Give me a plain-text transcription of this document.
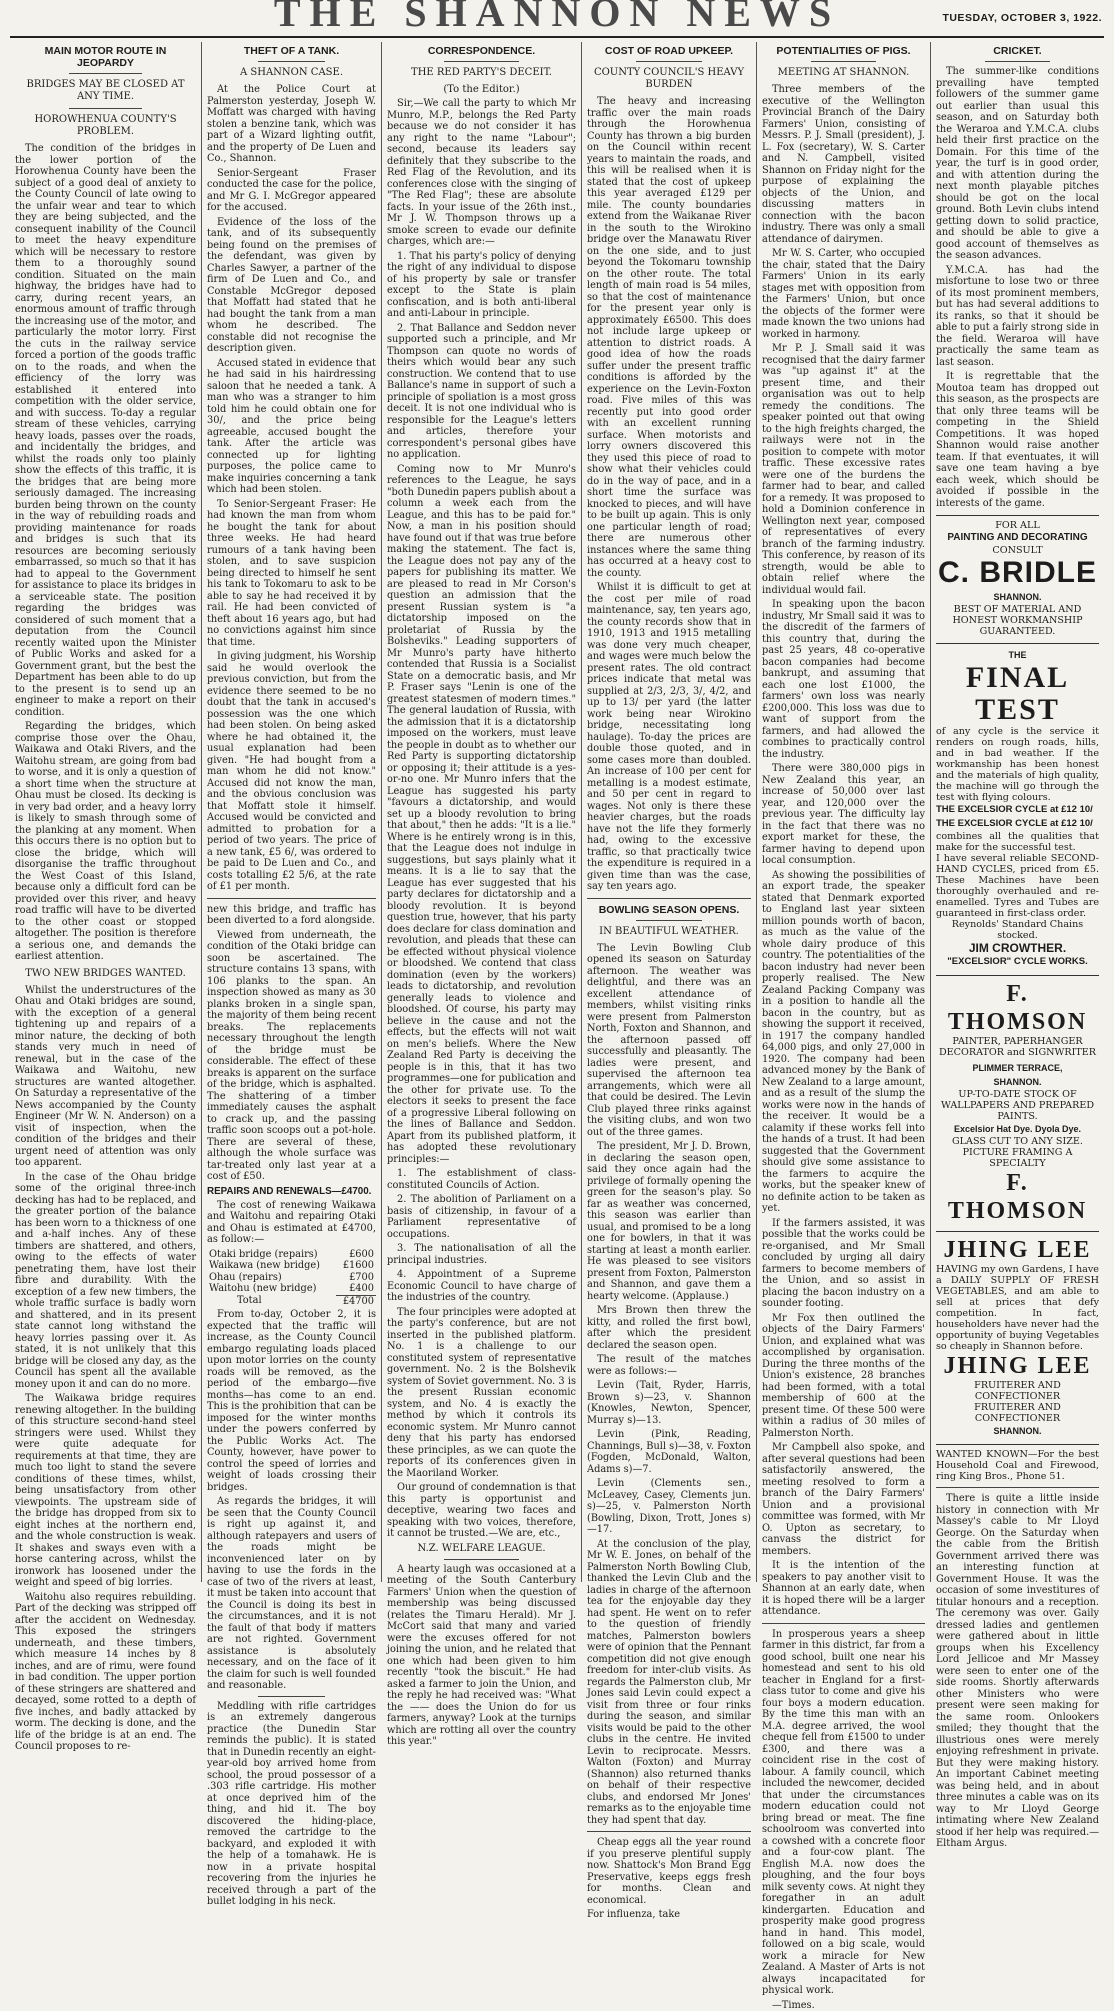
THE SHANNON NEWS	TUESDAY, OCTOBER 3, 1922.
MAIN MOTOR ROUTE IN JEOPARDY
BRIDGES MAY BE CLOSED AT ANY TIME.
HOROWHENUA COUNTY'S PROBLEM.

The condition of the bridges in the lower portion of the Horowhenua County have been the subject of a good deal of anxiety to the County Council of late owing to the unfair wear and tear to which they are being subjected, and the consequent inability of the Council to meet the heavy expenditure which will be necessary to restore them to a thoroughly sound condition. Situated on the main highway, the bridges have had to carry, during recent years, an enormous amount of traffic through the increasing use of the motor, and particularly the motor lorry. First the cuts in the railway service forced a portion of the goods traffic on to the roads, and when the efficiency of the lorry was established it entered into competition with the older service, and with success. To-day a regular stream of these vehicles, carrying heavy loads, passes over the roads, and incidentally the bridges, and whilst the roads only too plainly show the effects of this traffic, it is the bridges that are being more seriously damaged. The increasing burden being thrown on the county in the way of rebuilding roads and providing maintenance for roads and bridges is such that its resources are becoming seriously embarrassed, so much so that it has had to appeal to the Government for assistance to place its bridges in a serviceable state. The position regarding the bridges was considered of such moment that a deputation from the Council recently waited upon the Minister of Public Works and asked for a Government grant, but the best the Department has been able to do up to the present is to send up an engineer to make a report on their condition.

Regarding the bridges, which comprise those over the Ohau, Waikawa and Otaki Rivers, and the Waitohu stream, are going from bad to worse, and it is only a question of a short time when the structure at Ohau must be closed. Its decking is in very bad order, and a heavy lorry is likely to smash through some of the planking at any moment. When this occurs there is no option but to close the bridge, which will disorganise the traffic throughout the West Coast of this Island, because only a difficult ford can be provided over this river, and heavy road traffic will have to be diverted to the other coast or stopped altogether. The position is therefore a serious one, and demands the earliest attention.

TWO NEW BRIDGES WANTED.

Whilst the understructures of the Ohau and Otaki bridges are sound, with the exception of a general tightening up and repairs of a minor nature, the decking of both stands very much in need of renewal, but in the case of the Waikawa and Waitohu, new structures are wanted altogether. On Saturday a representative of the News accompanied by the County Engineer (Mr W. N. Anderson) on a visit of inspection, when the condition of the bridges and their urgent need of attention was only too apparent.

In the case of the Ohau bridge some of the original three-inch decking has had to be replaced, and the greater portion of the balance has been worn to a thickness of one and a-half inches. Any of these timbers are shattered, and others, owing to the effects of water penetrating them, have lost their fibre and durability. With the exception of a few new timbers, the whole traffic surface is badly worn and shattered, and in its present state cannot long withstand the heavy lorries passing over it. As stated, it is not unlikely that this bridge will be closed any day, as the Council has spent all the available money upon it and can do no more.

The Waikawa bridge requires renewing altogether. In the building of this structure second-hand steel stringers were used. Whilst they were quite adequate for requirements at that time, they are much too light to stand the severe conditions of these times, whilst, being unsatisfactory from other viewpoints. The upstream side of the bridge has dropped from six to eight inches at the northern end, and the whole construction is weak. It shakes and sways even with a horse cantering across, whilst the ironwork has loosened under the weight and speed of big lorries.

Waitohu also requires rebuilding. Part of the decking was stripped off after the accident on Wednesday. This exposed the stringers underneath, and these timbers, which measure 14 inches by 8 inches, and are of rimu, were found in bad condition. The upper portion of these stringers are shattered and decayed, some rotted to a depth of five inches, and badly attacked by worm. The decking is done, and the life of the bridge is at an end. The Council proposes to re-

THEFT OF A TANK.
A SHANNON CASE.

At the Police Court at Palmerston yesterday, Joseph W. Moffatt was charged with having stolen a benzine tank, which was part of a Wizard lighting outfit, and the property of De Luen and Co., Shannon.

Senior-Sergeant Fraser conducted the case for the police, and Mr G. I. McGregor appeared for the accused.

Evidence of the loss of the tank, and of its subsequently being found on the premises of the defendant, was given by Charles Sawyer, a partner of the firm of De Luen and Co., and Constable McGregor deposed that Moffatt had stated that he had bought the tank from a man whom he described. The constable did not recognise the description given.

Accused stated in evidence that he had said in his hairdressing saloon that he needed a tank. A man who was a stranger to him told him he could obtain one for 30/, and the price being agreeable, accused bought the tank. After the article was connected up for lighting purposes, the police came to make inquiries concerning a tank which had been stolen.

To Senior-Sergeant Fraser: He had known the man from whom he bought the tank for about three weeks. He had heard rumours of a tank having been stolen, and to save suspicion being directed to himself he sent his tank to Tokomaru to ask to be able to say he had received it by rail. He had been convicted of theft about 16 years ago, but had no convictions against him since that time.

In giving judgment, his Worship said he would overlook the previous conviction, but from the evidence there seemed to be no doubt that the tank in accused's possession was the one which had been stolen. On being asked where he had obtained it, the usual explanation had been given. "He had bought from a man whom he did not know." Accused did not know the man, and the obvious conclusion was that Moffatt stole it himself. Accused would be convicted and admitted to probation for a period of two years. The price of a new tank, £5 6/, was ordered to be paid to De Luen and Co., and costs totalling £2 5/6, at the rate of £1 per month.

new this bridge, and traffic has been diverted to a ford alongside.

Viewed from underneath, the condition of the Otaki bridge can soon be ascertained. The structure contains 13 spans, with 106 planks to the span. An inspection showed as many as 30 planks broken in a single span, the majority of them being recent breaks. The replacements necessary throughout the length of the bridge must be considerable. The effect of these breaks is apparent on the surface of the bridge, which is asphalted. The shattering of a timber immediately causes the asphalt to crack up, and the passing traffic soon scoops out a pot-hole. There are several of these, although the whole surface was tar-treated only last year at a cost of £50.

REPAIRS AND RENEWALS—£4700.

The cost of renewing Waikawa and Waitohu and repairing Otaki and Ohau is estimated at £4700, as follow:—

Otaki bridge (repairs)	£600
Waikawa (new bridge)	£1600
Ohau (repairs)	£700
Waitohu (new bridge)	£400
Total	£4700

From to-day, October 2, it is expected that the traffic will increase, as the County Council embargo regulating loads placed upon motor lorries on the county roads will be removed, as the period of the embargo—five months—has come to an end. This is the prohibition that can be imposed for the winter months under the powers conferred by the Public Works Act. The County, however, have power to control the speed of lorries and weight of loads crossing their bridges.

As regards the bridges, it will be seen that the County Council is right up against it, and although ratepayers and users of the roads might be inconvenienced later on by having to use the fords in the case of two of the rivers at least, it must be taken into account that the Council is doing its best in the circumstances, and it is not the fault of that body if matters are not righted. Government assistance is absolutely necessary, and on the face of it the claim for such is well founded and reasonable.

Meddling with rifle cartridges is an extremely dangerous practice (the Dunedin Star reminds the public). It is stated that in Dunedin recently an eight-year-old boy arrived home from school, the proud possessor of a .303 rifle cartridge. His mother at once deprived him of the thing, and hid it. The boy discovered the hiding-place, removed the cartridge to the backyard, and exploded it with the help of a tomahawk. He is now in a private hospital recovering from the injuries he received through a part of the bullet lodging in his neck.

CORRESPONDENCE.
THE RED PARTY'S DECEIT.
(To the Editor.)

Sir,—We call the party to which Mr Munro, M.P., belongs the Red Party because we do not consider it has any right to the name "Labour"; second, because its leaders say definitely that they subscribe to the Red Flag of the Revolution, and its conferences close with the singing of "The Red Flag"; these are absolute facts. In your issue of the 26th inst., Mr J. W. Thompson throws up a smoke screen to evade our definite charges, which are:—

1. That his party's policy of denying the right of any individual to dispose of his property by sale or transfer except to the State is plain confiscation, and is both anti-liberal and anti-Labour in principle.

2. That Ballance and Seddon never supported such a principle, and Mr Thompson can quote no words of theirs which would bear any such construction. We contend that to use Ballance's name in support of such a principle of spoliation is a most gross deceit. It is not one individual who is responsible for the League's letters and articles, therefore your correspondent's personal gibes have no application.

Coming now to Mr Munro's references to the League, he says "both Dunedin papers publish about a column a week each from the League, and this has to be paid for." Now, a man in his position should have found out if that was true before making the statement. The fact is, the League does not pay any of the papers for publishing its matter. We are pleased to read in Mr Corson's question an admission that the present Russian system is "a dictatorship imposed on the proletariat of Russia by the Bolsheviks." Leading supporters of Mr Munro's party have hitherto contended that Russia is a Socialist State on a democratic basis, and Mr P. Fraser says "Lenin is one of the greatest statesmen of modern times." The general laudation of Russia, with the admission that it is a dictatorship imposed on the workers, must leave the people in doubt as to whether our Red Party is supporting dictatorship or opposing it; their attitude is a yes-or-no one. Mr Munro infers that the League has suggested his party "favours a dictatorship, and would set up a bloody revolution to bring that about," then he adds: "It is a lie." Where is he entirely wrong is in this, that the League does not indulge in suggestions, but says plainly what it means. It is a lie to say that the League has ever suggested that his party declares for dictatorship and a bloody revolution. It is beyond question true, however, that his party does declare for class domination and revolution, and pleads that these can be effected without physical violence or bloodshed. We contend that class domination (even by the workers) leads to dictatorship, and revolution generally leads to violence and bloodshed. Of course, his party may believe in the cause and not the effects, but the effects will not wait on men's beliefs. Where the New Zealand Red Party is deceiving the people is in this, that it has two programmes—one for publication and the other for private use. To the electors it seeks to present the face of a progressive Liberal following on the lines of Ballance and Seddon. Apart from its published platform, it has adopted these revolutionary principles:—

1. The establishment of class-constituted Councils of Action.

2. The abolition of Parliament on a basis of citizenship, in favour of a Parliament representative of occupations.

3. The nationalisation of all the principal industries.

4. Appointment of a Supreme Economic Council to have charge of the industries of the country.

The four principles were adopted at the party's conference, but are not inserted in the published platform. No. 1 is a challenge to our constituted system of representative government. No. 2 is the Bolshevik system of Soviet government. No. 3 is the present Russian economic system, and No. 4 is exactly the method by which it controls its economic system. Mr Munro cannot deny that his party has endorsed these principles, as we can quote the reports of its conferences given in the Maoriland Worker.

Our ground of condemnation is that this party is opportunist and deceptive, wearing two faces and speaking with two voices, therefore, it cannot be trusted.—We are, etc.,

N.Z. WELFARE LEAGUE.

A hearty laugh was occasioned at a meeting of the South Canterbury Farmers' Union when the question of membership was being discussed (relates the Timaru Herald). Mr J. McCort said that many and varied were the excuses offered for not joining the union, and he related that one which had been given to him recently "took the biscuit." He had asked a farmer to join the Union, and the reply he had received was: "What the —— does the Union do for us farmers, anyway? Look at the turnips which are rotting all over the country this year."

COST OF ROAD UPKEEP.
COUNTY COUNCIL'S HEAVY BURDEN

The heavy and increasing traffic over the main roads through the Horowhenua County has thrown a big burden on the Council within recent years to maintain the roads, and this will be realised when it is stated that the cost of upkeep this year averaged £129 per mile. The county boundaries extend from the Waikanae River in the south to the Wirokino bridge over the Manawatu River on the one side, and to just beyond the Tokomaru township on the other route. The total length of main road is 54 miles, so that the cost of maintenance for the present year only is approximately £6500. This does not include large upkeep or attention to district roads. A good idea of how the roads suffer under the present traffic conditions is afforded by the experience on the Levin-Foxton road. Five miles of this was recently put into good order with an excellent running surface. When motorists and lorry owners discovered this they used this piece of road to show what their vehicles could do in the way of pace, and in a short time the surface was knocked to pieces, and will have to be built up again. This is only one particular length of road; there are numerous other instances where the same thing has occurred at a heavy cost to the county.

Whilst it is difficult to get at the cost per mile of road maintenance, say, ten years ago, the county records show that in 1910, 1913 and 1915 metalling was done very much cheaper, and wages were much below the present rates. The old contract prices indicate that metal was supplied at 2/3, 2/3, 3/, 4/2, and up to 13/ per yard (the latter work being near Wirokino bridge, necessitating long haulage). To-day the prices are double those quoted, and in some cases more than doubled. An increase of 100 per cent for metalling is a modest estimate, and 50 per cent in regard to wages. Not only is there these heavier charges, but the roads have not the life they formerly had, owing to the excessive traffic, so that practically twice the expenditure is required in a given time than was the case, say ten years ago.

BOWLING SEASON OPENS.
IN BEAUTIFUL WEATHER.

The Levin Bowling Club opened its season on Saturday afternoon. The weather was delightful, and there was an excellent attendance of members, whilst visiting rinks were present from Palmerston North, Foxton and Shannon, and the afternoon passed off successfully and pleasantly. The ladies were present, and supervised the afternoon tea arrangements, which were all that could be desired. The Levin Club played three rinks against the visiting clubs, and won two out of the three games.

The president, Mr J. D. Brown, in declaring the season open, said they once again had the privilege of formally opening the green for the season's play. So far as weather was concerned, this season was earlier than usual, and promised to be a long one for bowlers, in that it was starting at least a month earlier. He was pleased to see visitors present from Foxton, Palmerston and Shannon, and gave them a hearty welcome. (Applause.)

Mrs Brown then threw the kitty, and rolled the first bowl, after which the president declared the season open.

The result of the matches were as follows:—

Levin (Tait, Ryder, Harris, Brown s)—23, v. Shannon (Knowles, Newton, Spencer, Murray s)—13.

Levin (Pink, Reading, Channings, Bull s)—38, v. Foxton (Fogden, McDonald, Walton, Adams s)—7.

Levin (Clements sen., McLeavey, Casey, Clements jun. s)—25, v. Palmerston North (Bowling, Dixon, Trott, Jones s)—17.

At the conclusion of the play, Mr W. E. Jones, on behalf of the Palmerston North Bowling Club, thanked the Levin Club and the ladies in charge of the afternoon tea for the enjoyable day they had spent. He went on to refer to the question of friendly matches, Palmerston bowlers were of opinion that the Pennant competition did not give enough freedom for inter-club visits. As regards the Palmerston club, Mr Jones said Levin could expect a visit from three or four rinks during the season, and similar visits would be paid to the other clubs in the centre. He invited Levin to reciprocate. Messrs. Walton (Foxton) and Murray (Shannon) also returned thanks on behalf of their respective clubs, and endorsed Mr Jones' remarks as to the enjoyable time they had spent that day.

Cheap eggs all the year round if you preserve plentiful supply now. Shattock's Mon Brand Egg Preservative, keeps eggs fresh for months. Clean and economical.

For influenza, take

POTENTIALITIES OF PIGS.
MEETING AT SHANNON.

Three members of the executive of the Wellington Provincial Branch of the Dairy Farmers' Union, consisting of Messrs. P. J. Small (president), J. L. Fox (secretary), W. S. Carter and N. Campbell, visited Shannon on Friday night for the purpose of explaining the objects of the Union, and discussing matters in connection with the bacon industry. There was only a small attendance of dairymen.

Mr W. S. Carter, who occupied the chair, stated that the Dairy Farmers' Union in its early stages met with opposition from the Farmers' Union, but once the objects of the former were made known the two unions had worked in harmony.

Mr P. J. Small said it was recognised that the dairy farmer was "up against it" at the present time, and their organisation was out to help remedy the conditions. The speaker pointed out that owing to the high freights charged, the railways were not in the position to compete with motor traffic. These excessive rates were one of the burdens the farmer had to bear, and called for a remedy. It was proposed to hold a Dominion conference in Wellington next year, composed of representatives of every branch of the farming industry. This conference, by reason of its strength, would be able to obtain relief where the individual would fail.

In speaking upon the bacon industry, Mr Small said it was to the discredit of the farmers of this country that, during the past 25 years, 48 co-operative bacon companies had become bankrupt, and assuming that each one lost £1000, the farmers' own loss was nearly £200,000. This loss was due to want of support from the farmers, and had allowed the combines to practically control the industry.

There were 380,000 pigs in New Zealand this year, an increase of 50,000 over last year, and 120,000 over the previous year. The difficulty lay in the fact that there was no export market for these, the farmer having to depend upon local consumption.

As showing the possibilities of an export trade, the speaker stated that Denmark exported to England last year sixteen million pounds worth of bacon, as much as the value of the whole dairy produce of this country. The potentialities of the bacon industry had never been properly realised. The New Zealand Packing Company was in a position to handle all the bacon in the country, but as showing the support it received, in 1917 the company handled 64,000 pigs, and only 27,000 in 1920. The company had been advanced money by the Bank of New Zealand to a large amount, and as a result of the slump the works were now in the hands of the receiver. It would be a calamity if these works fell into the hands of a trust. It had been suggested that the Government should give some assistance to the farmers to acquire the works, but the speaker knew of no definite action to be taken as yet.

If the farmers assisted, it was possible that the works could be re-organised, and Mr Small concluded by urging all dairy farmers to become members of the Union, and so assist in placing the bacon industry on a sounder footing.

Mr Fox then outlined the objects of the Dairy Farmers' Union, and explained what was accomplished by organisation. During the three months of the Union's existence, 28 branches had been formed, with a total membership of 600 at the present time. Of these 500 were within a radius of 30 miles of Palmerston North.

Mr Campbell also spoke, and after several questions had been satisfactorily answered, the meeting resolved to form a branch of the Dairy Farmers' Union and a provisional committee was formed, with Mr O. Upton as secretary, to canvass the district for members.

It is the intention of the speakers to pay another visit to Shannon at an early date, when it is hoped there will be a larger attendance.

In prosperous years a sheep farmer in this district, far from a good school, built one near his homestead and sent to his old teacher in England for a first-class tutor to come and give his four boys a modern education. By the time this man with an M.A. degree arrived, the wool cheque fell from £1500 to under £300, and there was a coincident rise in the cost of labour. A family council, which included the newcomer, decided that under the circumstances modern education could not bring bread or meat. The fine schoolroom was converted into a cowshed with a concrete floor and a four-cow plant. The English M.A. now does the ploughing, and the four boys milk seventy cows. At night they foregather in an adult kindergarten. Education and prosperity make good progress hand in hand. This model, followed on a big scale, would work a miracle for New Zealand. A Master of Arts is not always incapacitated for physical work.

—Times.

CRICKET.

The summer-like conditions prevailing have tempted followers of the summer game out earlier than usual this season, and on Saturday both the Weraroa and Y.M.C.A. clubs held their first practice on the Domain. For this time of the year, the turf is in good order, and with attention during the next month playable pitches should be got on the local ground. Both Levin clubs intend getting down to solid practice, and should be able to give a good account of themselves as the season advances.

Y.M.C.A. has had the misfortune to lose two or three of its most prominent members, but has had several additions to its ranks, so that it should be able to put a fairly strong side in the field. Weraroa will have practically the same team as last season.

It is regrettable that the Moutoa team has dropped out this season, as the prospects are that only three teams will be competing in the Shield Competitions. It was hoped Shannon would raise another team. If that eventuates, it will save one team having a bye each week, which should be avoided if possible in the interests of the game.

FOR ALL
PAINTING AND DECORATING
CONSULT
C. BRIDLE
SHANNON.
BEST OF MATERIAL AND HONEST WORKMANSHIP GUARANTEED.
THE
FINAL TEST
of any cycle is the service it renders on rough roads, hills, and in bad weather. If the workmanship has been honest and the materials of high quality, the machine will go through the test with flying colours.
THE EXCELSIOR CYCLE at £12 10/
THE EXCELSIOR CYCLE at £12 10/
combines all the qualities that make for the successful test.
I have several reliable SECOND-HAND CYCLES, priced from £5. These Machines have been thoroughly overhauled and re-enamelled. Tyres and Tubes are guaranteed in first-class order.
Reynolds' Standard Chains stocked.
JIM CROWTHER.
"EXCELSIOR" CYCLE WORKS.
F. THOMSON
PAINTER, PAPERHANGER
DECORATOR and SIGNWRITER
PLIMMER TERRACE,
SHANNON.
UP-TO-DATE STOCK OF WALLPAPERS AND PREPARED PAINTS.
Excelsior Hat Dye. Dyola Dye.
GLASS CUT TO ANY SIZE.
PICTURE FRAMING A SPECIALTY
F. THOMSON
JHING LEE
HAVING my own Gardens, I have a DAILY SUPPLY OF FRESH VEGETABLES, and am able to sell at prices that defy competition. In fact, householders have never had the opportunity of buying Vegetables so cheaply in Shannon before.
JHING LEE
FRUITERER AND CONFECTIONER
FRUITERER AND CONFECTIONER
SHANNON.
WANTED KNOWN—For the best Household Coal and Firewood, ring King Bros., Phone 51.

There is quite a little inside history in connection with Mr Massey's cable to Mr Lloyd George. On the Saturday when the cable from the British Government arrived there was an interesting function at Government House. It was the occasion of some investitures of titular honours and a reception. The ceremony was over. Gaily dressed ladies and gentlemen were gathered about in little groups when his Excellency Lord Jellicoe and Mr Massey were seen to enter one of the side rooms. Shortly afterwards other Ministers who were present were seen making for the same room. Onlookers smiled; they thought that the illustrious ones were merely enjoying refreshment in private. But they were making history. An important Cabinet meeting was being held, and in about three minutes a cable was on its way to Mr Lloyd George intimating where New Zealand stood if her help was required.—Eltham Argus.
